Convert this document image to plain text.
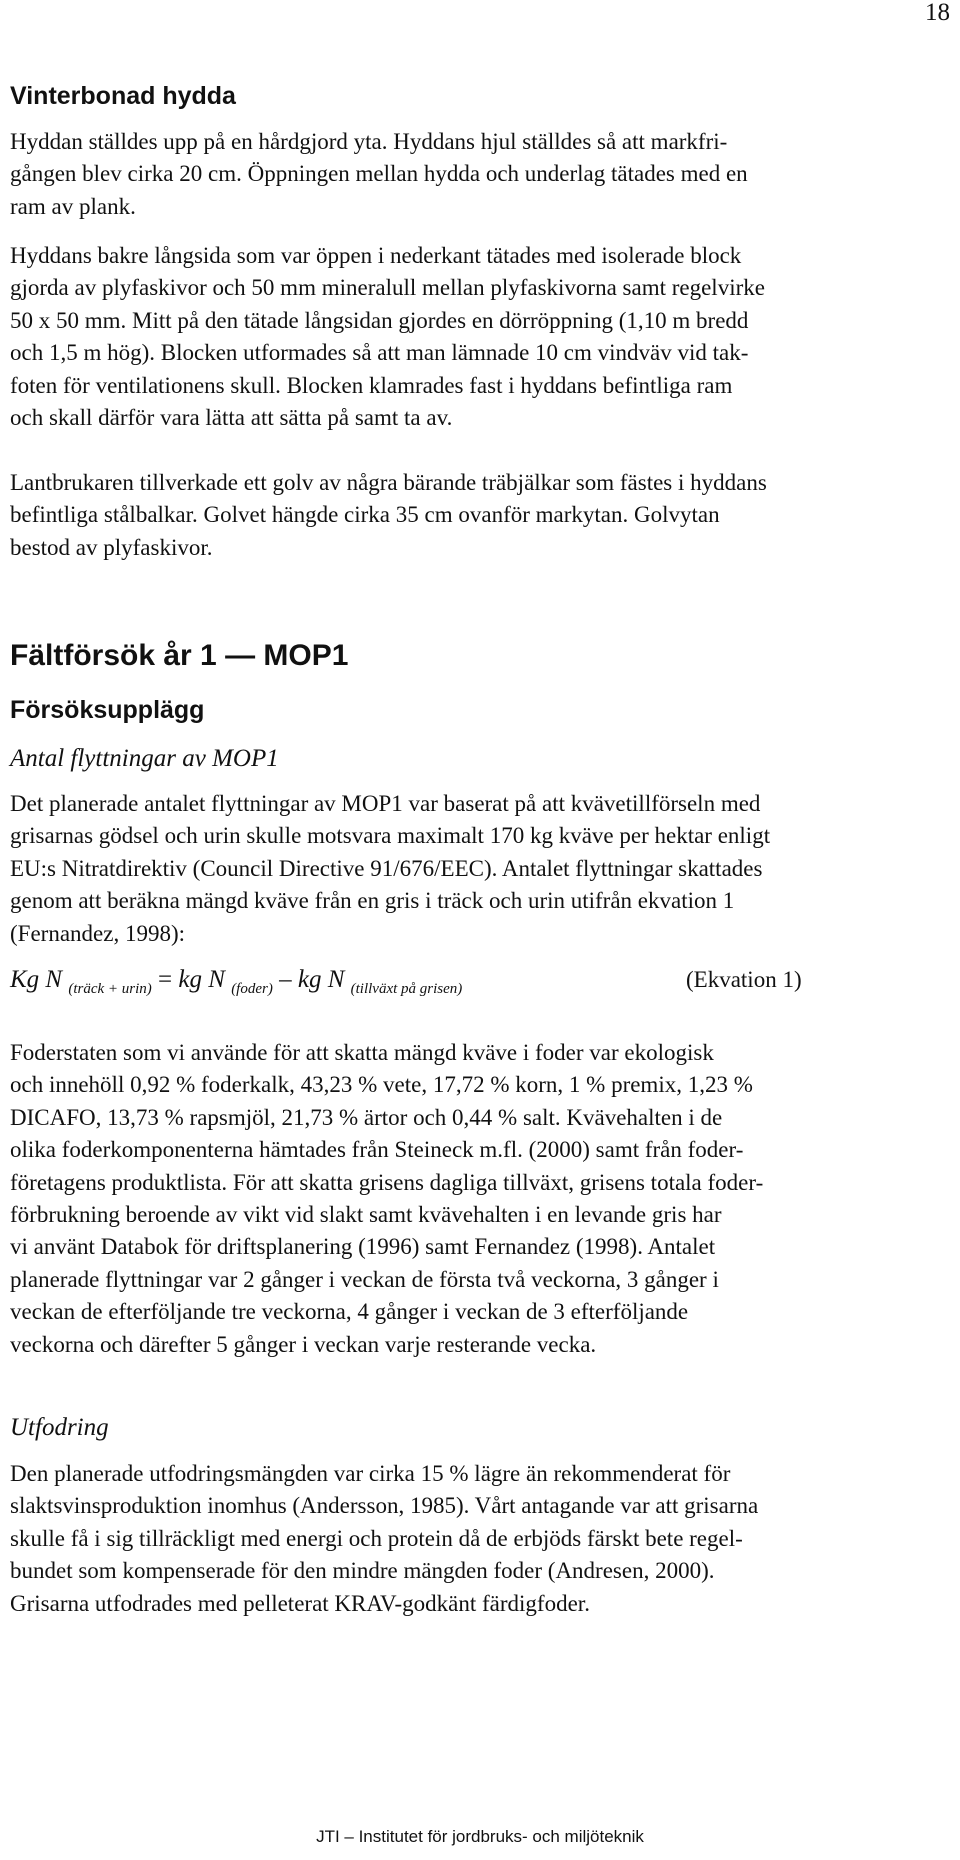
18
Vinterbonad hydda
Hyddan ställdes upp på en hårdgjord yta. Hyddans hjul ställdes så att markfri-
gången blev cirka 20 cm. Öppningen mellan hydda och underlag tätades med en
ram av plank.
Hyddans bakre långsida som var öppen i nederkant tätades med isolerade block
gjorda av plyfaskivor och 50 mm mineralull mellan plyfaskivorna samt regelvirke
50 x 50 mm. Mitt på den tätade långsidan gjordes en dörröppning (1,10 m bredd
och 1,5 m hög). Blocken utformades så att man lämnade 10 cm vindväv vid tak-
foten för ventilationens skull. Blocken klamrades fast i hyddans befintliga ram
och skall därför vara lätta att sätta på samt ta av.
Lantbrukaren tillverkade ett golv av några bärande träbjälkar som fästes i hyddans
befintliga stålbalkar. Golvet hängde cirka 35 cm ovanför markytan. Golvytan
bestod av plyfaskivor.
Fältförsök år 1 — MOP1
Försöksupplägg
Antal flyttningar av MOP1
Det planerade antalet flyttningar av MOP1 var baserat på att kvävetillförseln med
grisarnas gödsel och urin skulle motsvara maximalt 170 kg kväve per hektar enligt
EU:s Nitratdirektiv (Council Directive 91/676/EEC). Antalet flyttningar skattades
genom att beräkna mängd kväve från en gris i träck och urin utifrån ekvation 1
(Fernandez, 1998):
Kg N $_{(träck + urin)}$ = kg N $_{(foder)}$ – kg N $_{(tillväxt på grisen)}$	(Ekvation 1)
Foderstaten som vi använde för att skatta mängd kväve i foder var ekologisk
och innehöll 0,92 % foderkalk, 43,23 % vete, 17,72 % korn, 1 % premix, 1,23 %
DICAFO, 13,73 % rapsmjöl, 21,73 % ärtor och 0,44 % salt. Kvävehalten i de
olika foderkomponenterna hämtades från Steineck m.fl. (2000) samt från foder-
företagens produktlista. För att skatta grisens dagliga tillväxt, grisens totala foder-
förbrukning beroende av vikt vid slakt samt kvävehalten i en levande gris har
vi använt Databok för driftsplanering (1996) samt Fernandez (1998). Antalet
planerade flyttningar var 2 gånger i veckan de första två veckorna, 3 gånger i
veckan de efterföljande tre veckorna, 4 gånger i veckan de 3 efterföljande
veckorna och därefter 5 gånger i veckan varje resterande vecka.
Utfodring
Den planerade utfodringsmängden var cirka 15 % lägre än rekommenderat för
slaktsvinsproduktion inomhus (Andersson, 1985). Vårt antagande var att grisarna
skulle få i sig tillräckligt med energi och protein då de erbjöds färskt bete regel-
bundet som kompenserade för den mindre mängden foder (Andresen, 2000).
Grisarna utfodrades med pelleterat KRAV-godkänt färdigfoder.
JTI – Institutet för jordbruks- och miljöteknik
